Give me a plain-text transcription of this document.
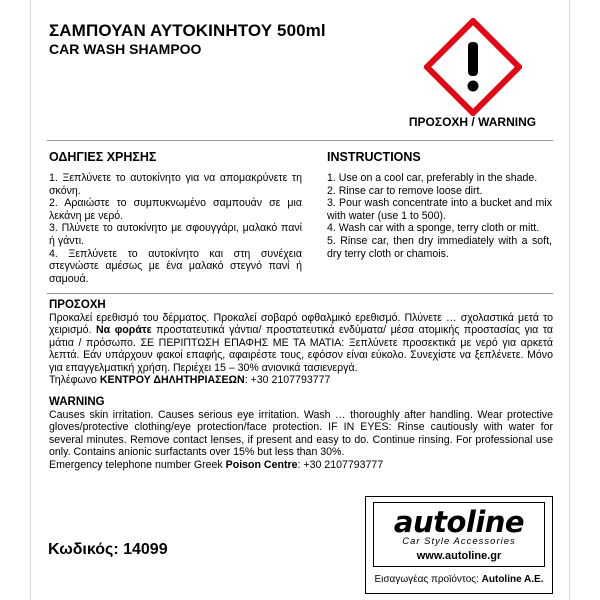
ΣΑΜΠΟΥΑΝ ΑΥΤΟΚΙΝΗΤΟΥ 500ml
CAR WASH SHAMPOO
ΠΡΟΣΟΧΗ / WARNING
ΟΔΗΓΙΕΣ ΧΡΗΣΗΣ

1. Ξεπλύνετε το αυτοκίνητο για να απομακρύνετε τη σκόνη.

2. Αραιώστε το συμπυκνωμένο σαμπουάν σε μια λεκάνη με νερό.

3. Πλύνετε το αυτοκίνητο με σφουγγάρι, μαλακό πανί ή γάντι.

4. Ξεπλύνετε το αυτοκίνητο και στη συνέχεια στεγνώστε αμέσως με ένα μαλακό στεγνό πανί ή σαμουά.

INSTRUCTIONS

1. Use on a cool car, preferably in the shade.

2. Rinse car to remove loose dirt.

3. Pour wash concentrate into a bucket and mix with water (use 1 to 500).

4. Wash car with a sponge, terry cloth or mitt.

5. Rinse car, then dry immediately with a soft, dry terry cloth or chamois.

ΠΡΟΣΟΧΗ
Προκαλεί ερεθισμό του δέρματος. Προκαλεί σοβαρό οφθαλμικό ερεθισμό. Πλύνετε … σχολαστικά μετά το χειρισμό. Να φοράτε προστατευτικά γάντια/ προστατευτικά ενδύματα/ μέσα ατομικής προστασίας για τα μάτια / πρόσωπο. ΣΕ ΠΕΡΙΠΤΩΣΗ ΕΠΑΦΗΣ ΜΕ ΤΑ ΜΑΤΙΑ: Ξεπλύνετε προσεκτικά με νερό για αρκετά λεπτά. Εάν υπάρχουν φακοί επαφής, αφαιρέστε τους, εφόσον είναι εύκολο. Συνεχίστε να ξεπλένετε. Μόνο για επαγγελματική χρήση. Περιέχει 15 – 30% ανιονικά τασιενεργά.
Τηλέφωνο ΚΕΝΤΡΟΥ ΔΗΛΗΤΗΡΙΑΣΕΩΝ: +30 2107793777
WARNING
Causes skin irritation. Causes serious eye irritation. Wash … thoroughly after handling. Wear protective gloves/protective clothing/eye protection/face protection. IF IN EYES: Rinse cautiously with water for several minutes. Remove contact lenses, if present and easy to do. Continue rinsing. For professional use only. Contains anionic surfactants over 15% but less than 30%.
Emergency telephone number Greek Poison Centre: +30 2107793777
Κωδικός: 14099
autoline
Car Style Accessories
www.autoline.gr
Εισαγωγέας προϊόντος: Autoline A.E.
